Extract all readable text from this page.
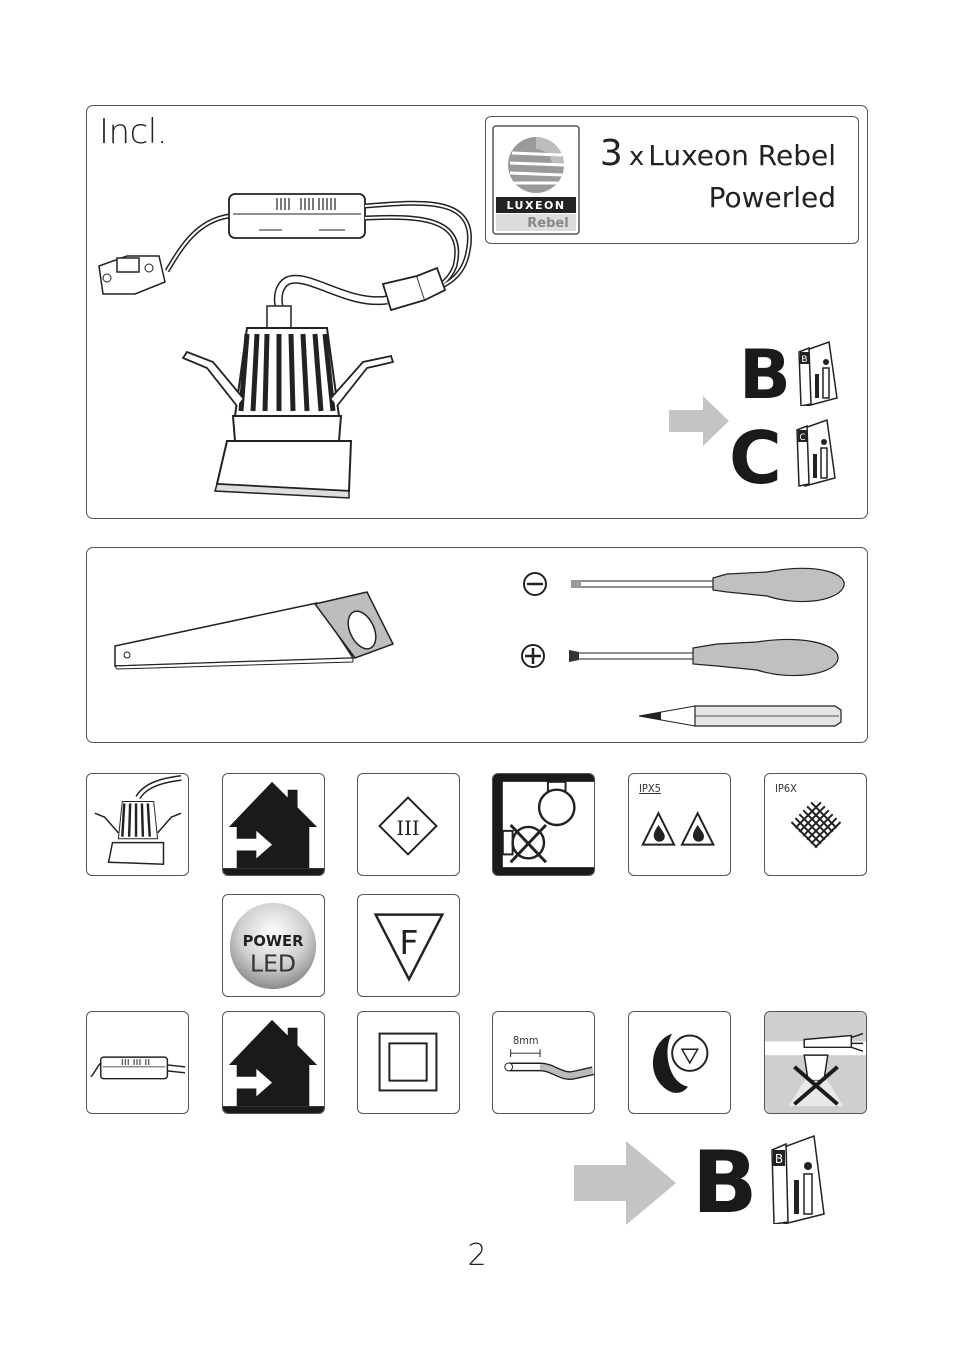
Incl.
LUXEON
Rebel
3 x Luxeon Rebel
Powerled
B
C
B
C
III
IPX5	IP6X
POWER
LED
F
8mm
B B
2
